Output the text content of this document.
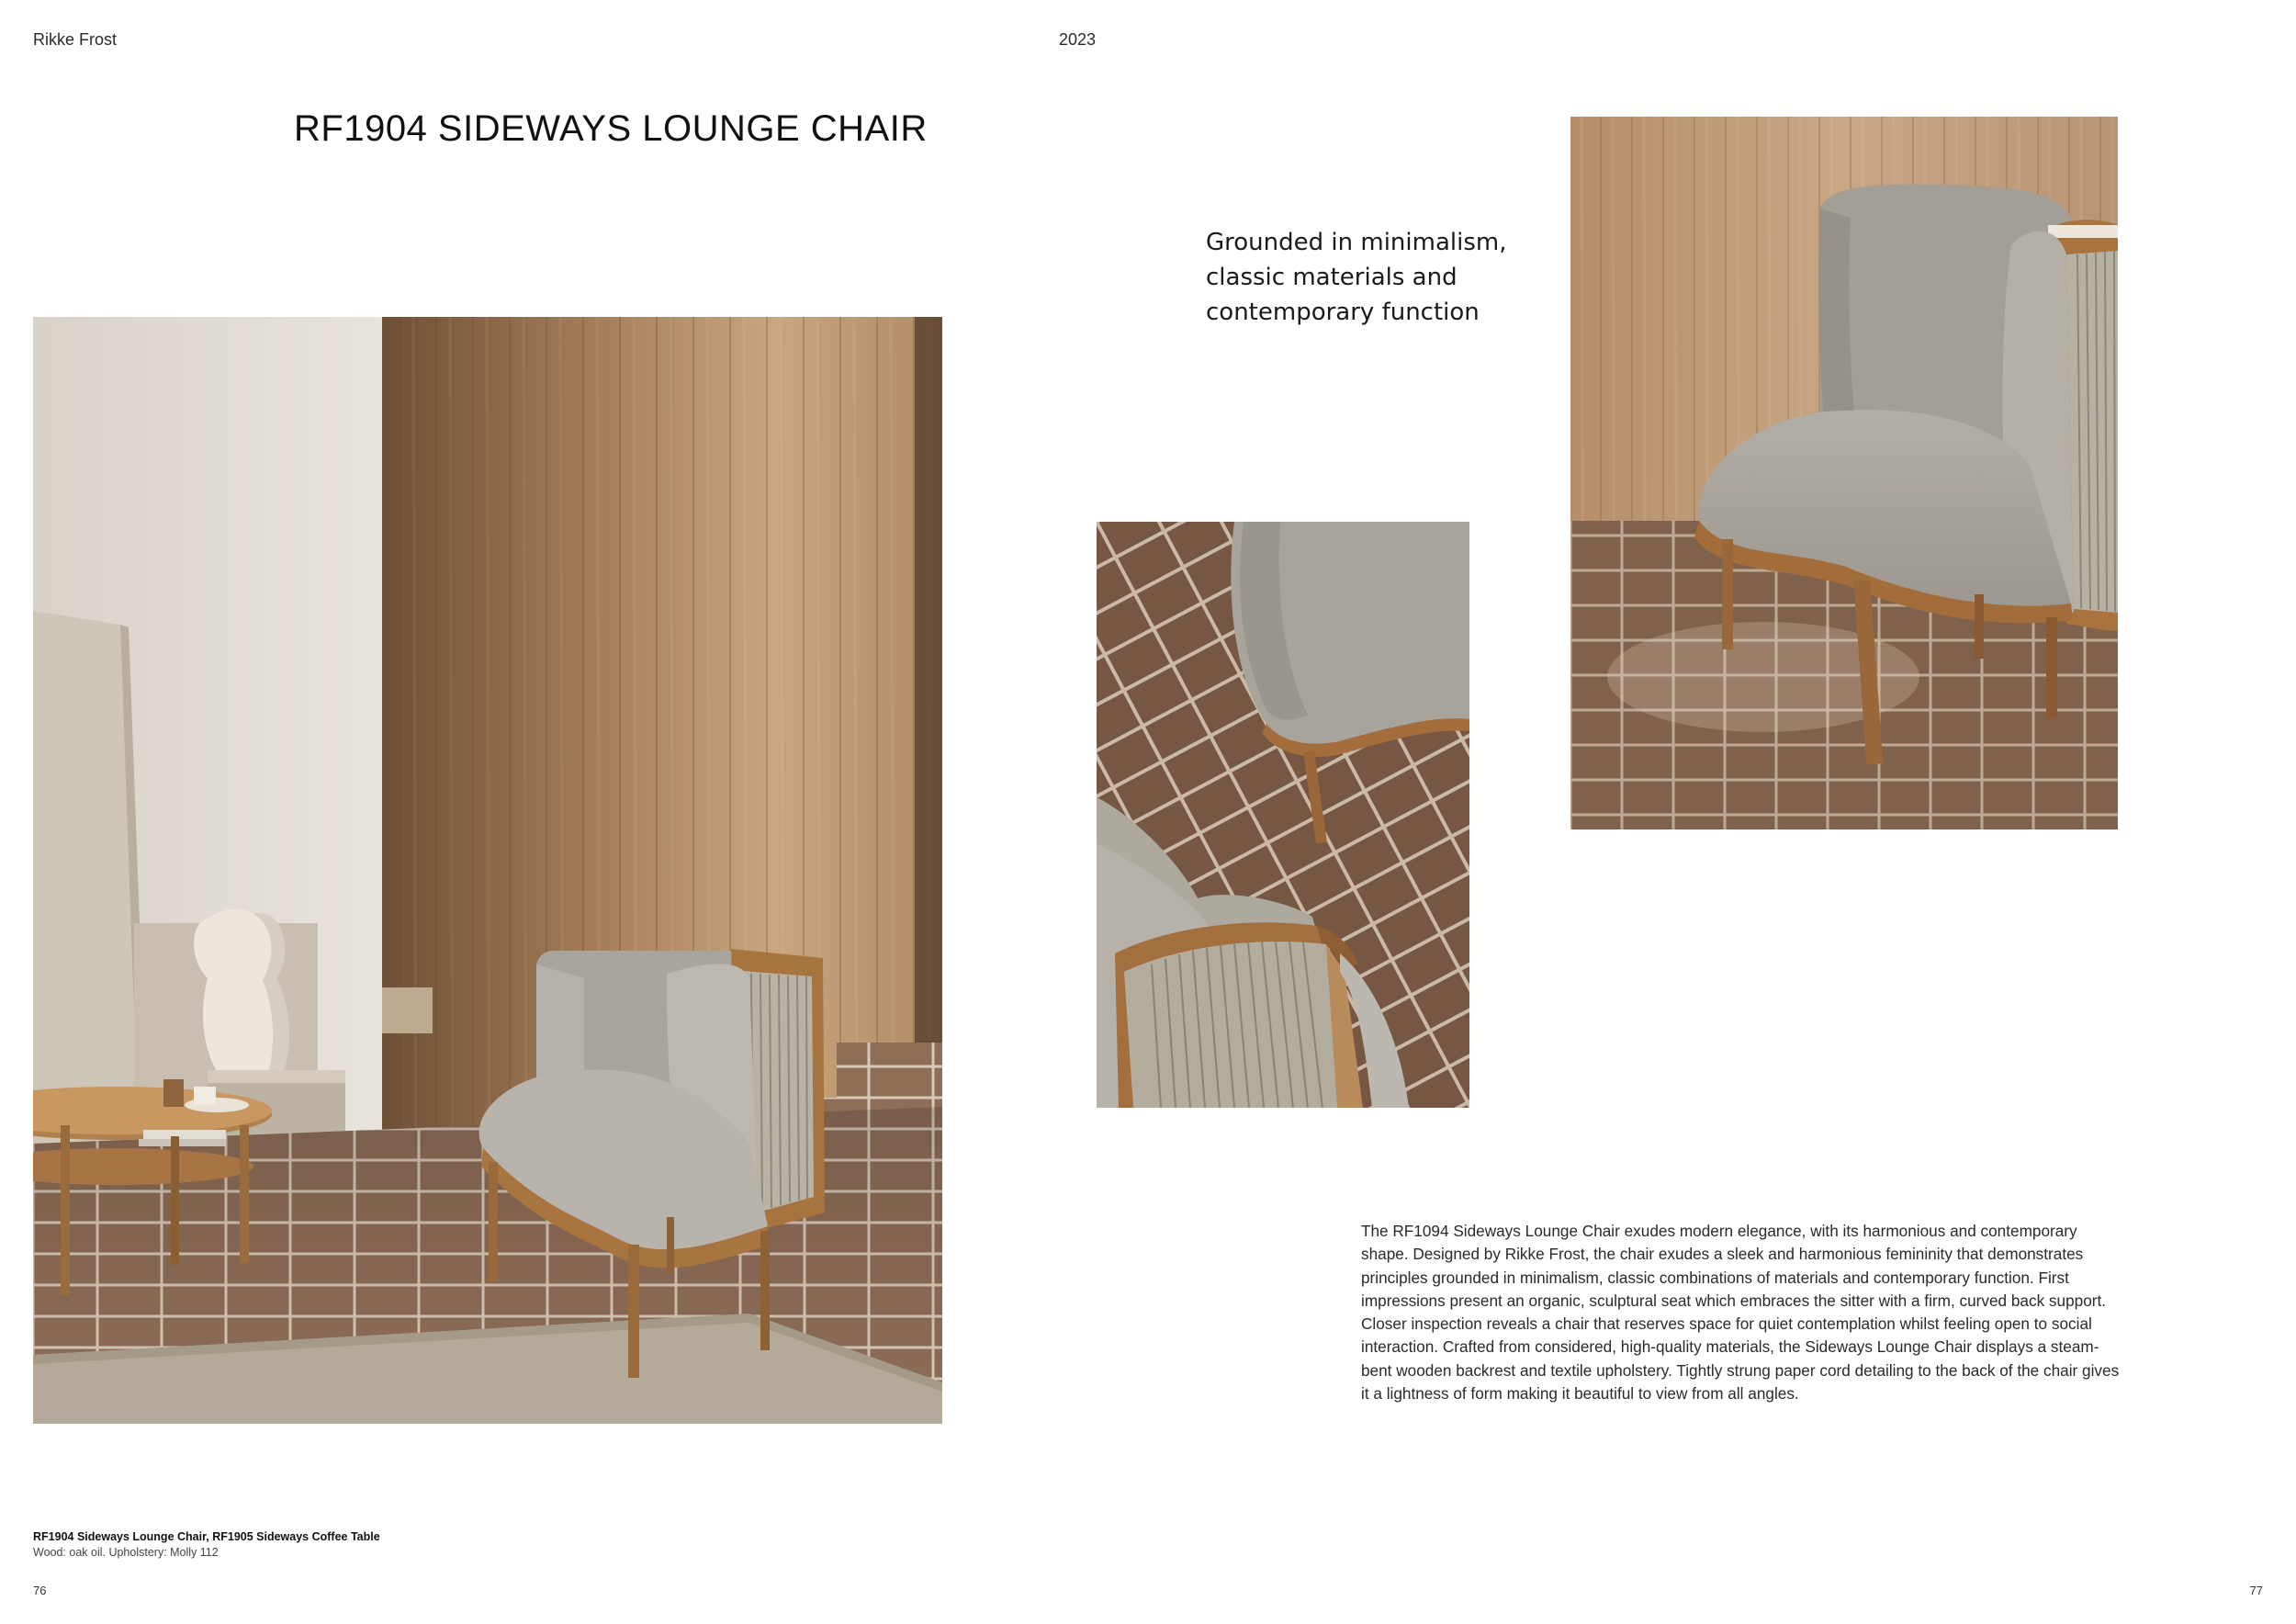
Rikke Frost	2023
RF1904 SIDEWAYS LOUNGE CHAIR
Grounded in minimalism, classic materials and contemporary function
The RF1094 Sideways Lounge Chair exudes modern elegance, with its harmonious and contemporary shape. Designed by Rikke Frost, the chair exudes a sleek and harmonious femininity that demonstrates principles grounded in minimalism, classic combinations of materials and contemporary function. First impressions present an organic, sculptural seat which embraces the sitter with a firm, curved back support. Closer inspection reveals a chair that reserves space for quiet contemplation whilst feeling open to social interaction. Crafted from considered, high-quality materials, the Sideways Lounge Chair displays a steam-bent wooden backrest and textile upholstery. Tightly strung paper cord detailing to the back of the chair gives it a lightness of form making it beautiful to view from all angles.
RF1904 Sideways Lounge Chair, RF1905 Sideways Coffee Table
Wood: oak oil. Upholstery: Molly 112
76	77
